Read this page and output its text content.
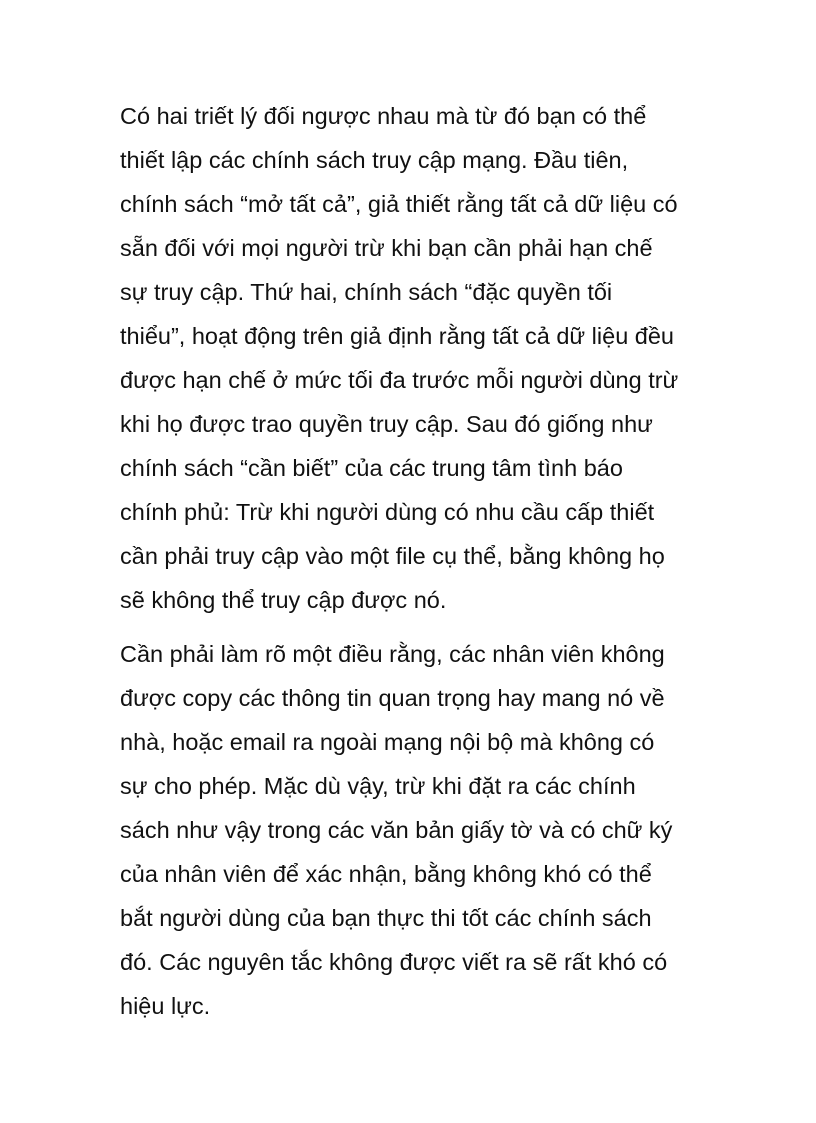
Có hai triết lý đối ngược nhau mà từ đó bạn có thể
thiết lập các chính sách truy cập mạng. Đầu tiên,
chính sách “mở tất cả”, giả thiết rằng tất cả dữ liệu có
sẵn đối với mọi người trừ khi bạn cần phải hạn chế
sự truy cập. Thứ hai, chính sách “đặc quyền tối
thiểu”, hoạt động trên giả định rằng tất cả dữ liệu đều
được hạn chế ở mức tối đa trước mỗi người dùng trừ
khi họ được trao quyền truy cập. Sau đó giống như
chính sách “cần biết” của các trung tâm tình báo
chính phủ: Trừ khi người dùng có nhu cầu cấp thiết
cần phải truy cập vào một file cụ thể, bằng không họ
sẽ không thể truy cập được nó.
Cần phải làm rõ một điều rằng, các nhân viên không
được copy các thông tin quan trọng hay mang nó về
nhà, hoặc email ra ngoài mạng nội bộ mà không có
sự cho phép. Mặc dù vậy, trừ khi đặt ra các chính
sách như vậy trong các văn bản giấy tờ và có chữ ký
của nhân viên để xác nhận, bằng không khó có thể
bắt người dùng của bạn thực thi tốt các chính sách
đó. Các nguyên tắc không được viết ra sẽ rất khó có
hiệu lực.
